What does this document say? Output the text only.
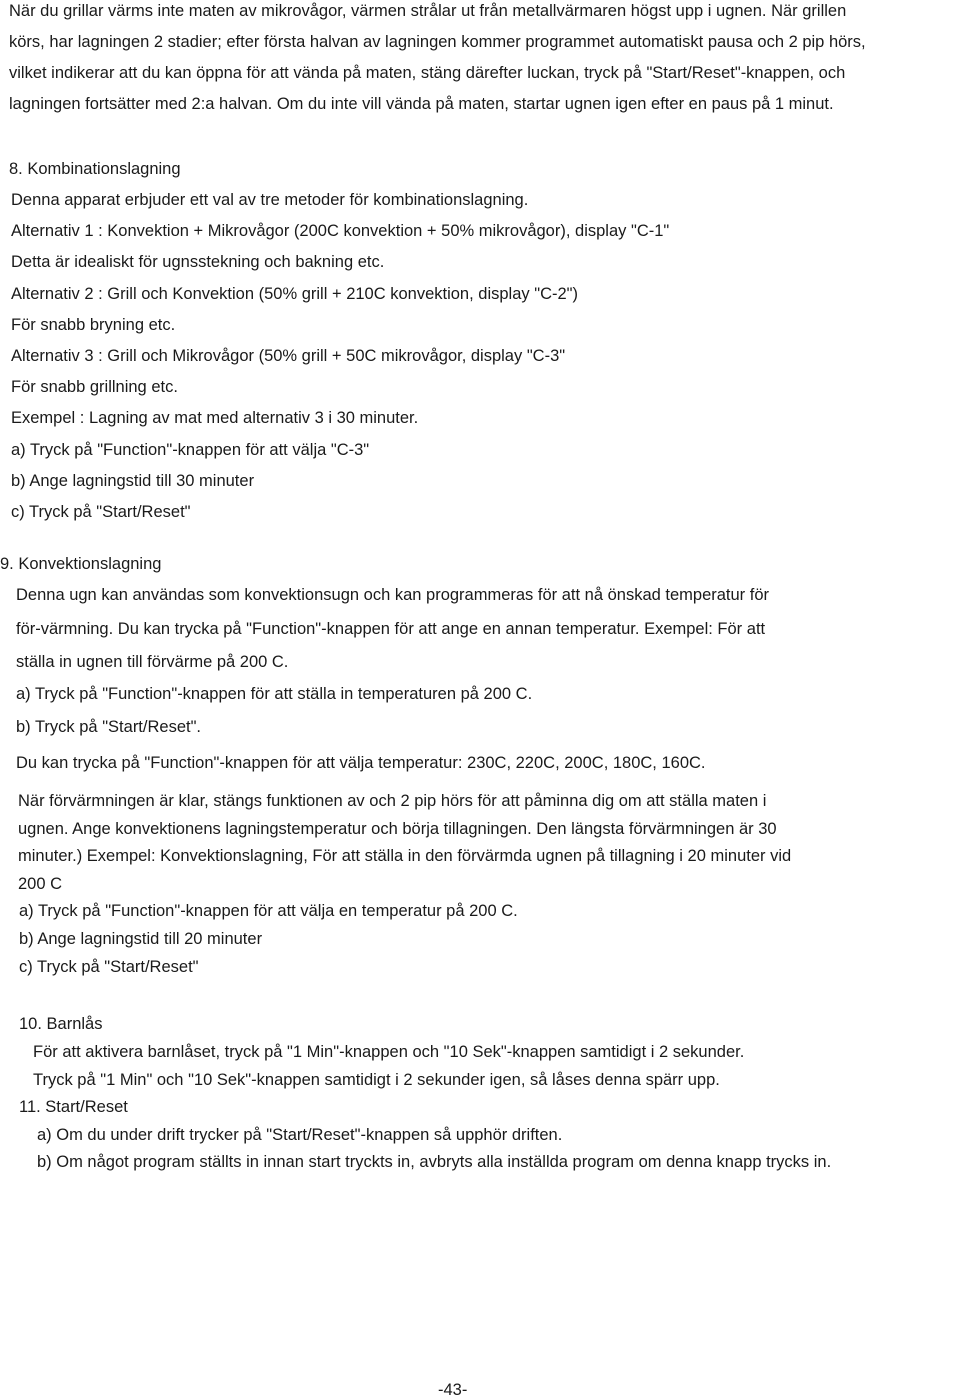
När du grillar värms inte maten av mikrovågor, värmen strålar ut från metallvärmaren högst upp i ugnen. När grillen
körs, har lagningen 2 stadier; efter första halvan av lagningen kommer programmet automatiskt pausa och 2 pip hörs,
vilket indikerar att du kan öppna för att vända på maten, stäng därefter luckan, tryck på "Start/Reset"-knappen, och
lagningen fortsätter med 2:a halvan. Om du inte vill vända på maten, startar ugnen igen efter en paus på 1 minut.
8. Kombinationslagning
Denna apparat erbjuder ett val av tre metoder för kombinationslagning.
Alternativ 1 : Konvektion + Mikrovågor (200C konvektion + 50% mikrovågor), display "C-1"
Detta är idealiskt för ugnsstekning och bakning etc.
Alternativ 2 : Grill och Konvektion (50% grill + 210C konvektion, display "C-2")
För snabb bryning etc.
Alternativ 3 : Grill och Mikrovågor (50% grill + 50C mikrovågor, display "C-3"
För snabb grillning etc.
Exempel : Lagning av mat med alternativ 3 i 30 minuter.
a) Tryck på "Function"-knappen för att välja "C-3"
b) Ange lagningstid till 30 minuter
c) Tryck på "Start/Reset"
9. Konvektionslagning
Denna ugn kan användas som konvektionsugn och kan programmeras för att nå önskad temperatur för
för-värmning. Du kan trycka på "Function"-knappen för att ange en annan temperatur. Exempel: För att
ställa in ugnen till förvärme på 200 C.
a) Tryck på "Function"-knappen för att ställa in temperaturen på 200 C.
b) Tryck på "Start/Reset".
Du kan trycka på "Function"-knappen för att välja temperatur: 230C, 220C, 200C, 180C, 160C.
När förvärmningen är klar, stängs funktionen av och 2 pip hörs för att påminna dig om att ställa maten i
ugnen. Ange konvektionens lagningstemperatur och börja tillagningen. Den längsta förvärmningen är 30
minuter.) Exempel: Konvektionslagning, För att ställa in den förvärmda ugnen på tillagning i 20 minuter vid
200 C
a) Tryck på "Function"-knappen för att välja en temperatur på 200 C.
b) Ange lagningstid till 20 minuter
c) Tryck på "Start/Reset"
10. Barnlås
För att aktivera barnlåset, tryck på "1 Min"-knappen och "10 Sek"-knappen samtidigt i 2 sekunder.
Tryck på "1 Min" och "10 Sek"-knappen samtidigt i 2 sekunder igen, så låses denna spärr upp.
11. Start/Reset
a) Om du under drift trycker på "Start/Reset"-knappen så upphör driften.
b) Om något program ställts in innan start tryckts in, avbryts alla inställda program om denna knapp trycks in.
-43-
